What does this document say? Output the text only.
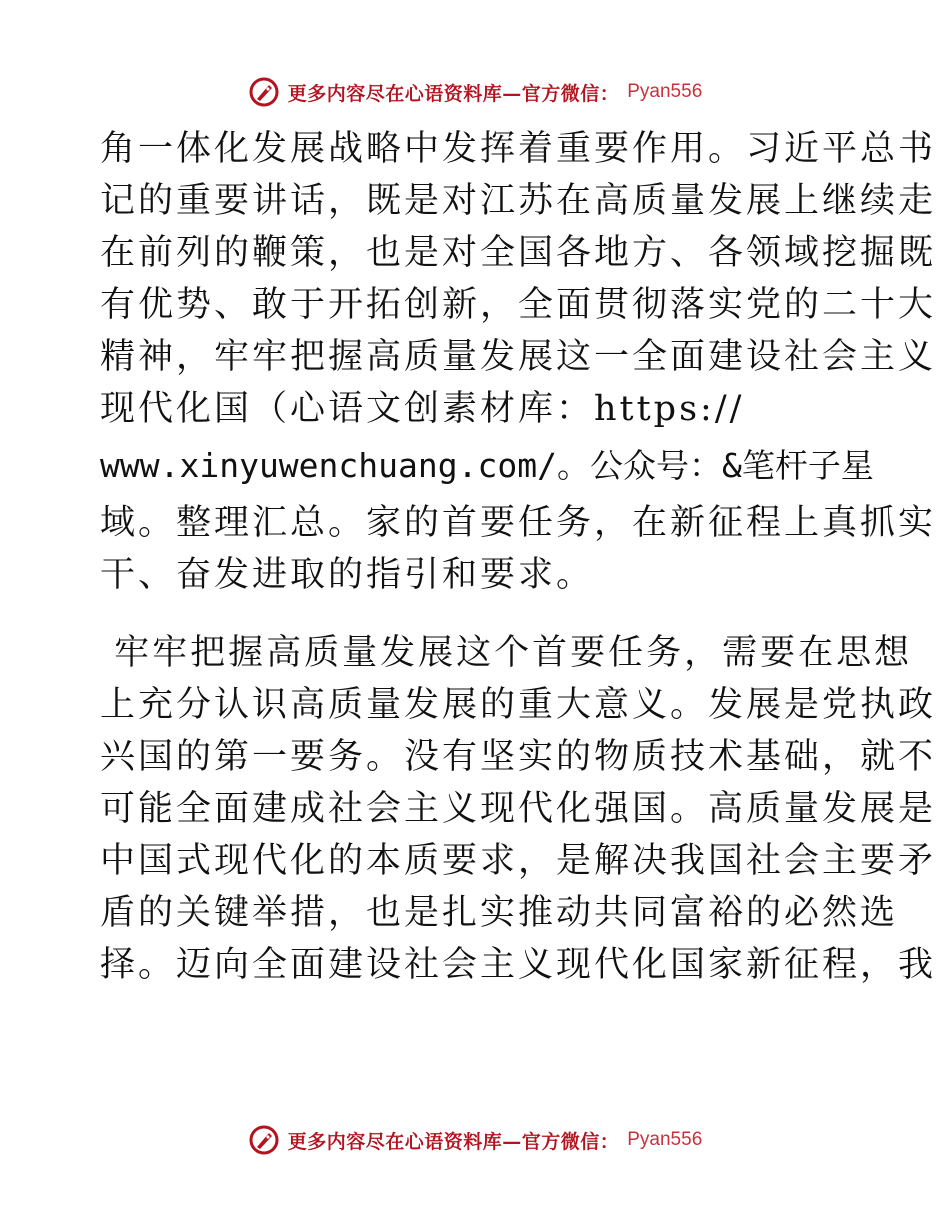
更多内容尽在心语资料库—官方微信： Pyan556
角一体化发展战略中发挥着重要作用。习近平总书
记的重要讲话，既是对江苏在高质量发展上继续走
在前列的鞭策，也是对全国各地方、各领域挖掘既
有优势、敢于开拓创新，全面贯彻落实党的二十大
精神，牢牢把握高质量发展这一全面建设社会主义
现代化国（心语文创素材库：https://
www.xinyuwenchuang.com/。公众号：&笔杆子星
域。整理汇总。家的首要任务，在新征程上真抓实
干、奋发进取的指引和要求。
牢牢把握高质量发展这个首要任务，需要在思想
上充分认识高质量发展的重大意义。发展是党执政
兴国的第一要务。没有坚实的物质技术基础，就不
可能全面建成社会主义现代化强国。高质量发展是
中国式现代化的本质要求，是解决我国社会主要矛
盾的关键举措，也是扎实推动共同富裕的必然选
择。迈向全面建设社会主义现代化国家新征程，我
更多内容尽在心语资料库—官方微信： Pyan556
